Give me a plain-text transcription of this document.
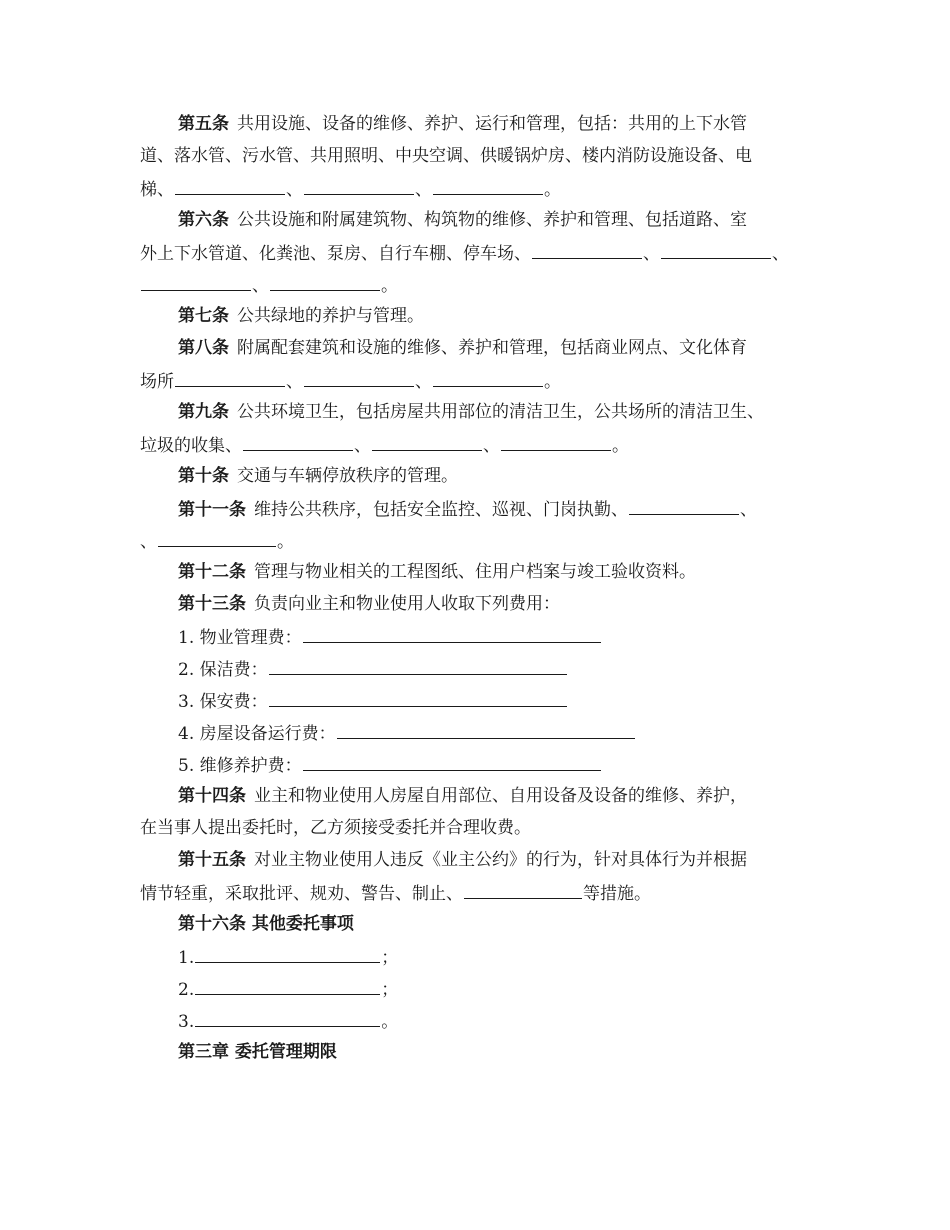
第五条 共用设施、设备的维修、养护、运行和管理，包括：共用的上下水管
道、落水管、污水管、共用照明、中央空调、供暖锅炉房、楼内消防设施设备、电
梯、	、	、	。
第六条 公共设施和附属建筑物、构筑物的维修、养护和管理、包括道路、室
外上下水管道、化粪池、泵房、自行车棚、停车场、	、	、
、	。
第七条 公共绿地的养护与管理。
第八条 附属配套建筑和设施的维修、养护和管理，包括商业网点、文化体育
场所	、	、	。
第九条 公共环境卫生，包括房屋共用部位的清洁卫生，公共场所的清洁卫生、
垃圾的收集、	、	、	。
第十条 交通与车辆停放秩序的管理。
第十一条 维持公共秩序，包括安全监控、巡视、门岗执勤、	、
、	。
第十二条 管理与物业相关的工程图纸、住用户档案与竣工验收资料。
第十三条 负责向业主和物业使用人收取下列费用：
1. 物业管理费：
2. 保洁费：
3. 保安费：
4. 房屋设备运行费：
5. 维修养护费：
第十四条 业主和物业使用人房屋自用部位、自用设备及设备的维修、养护，
在当事人提出委托时，乙方须接受委托并合理收费。
第十五条 对业主物业使用人违反《业主公约》的行为，针对具体行为并根据
情节轻重，采取批评、规劝、警告、制止、	等措施。
第十六条 其他委托事项
1.	；
2.	；
3.	。
第三章 委托管理期限
